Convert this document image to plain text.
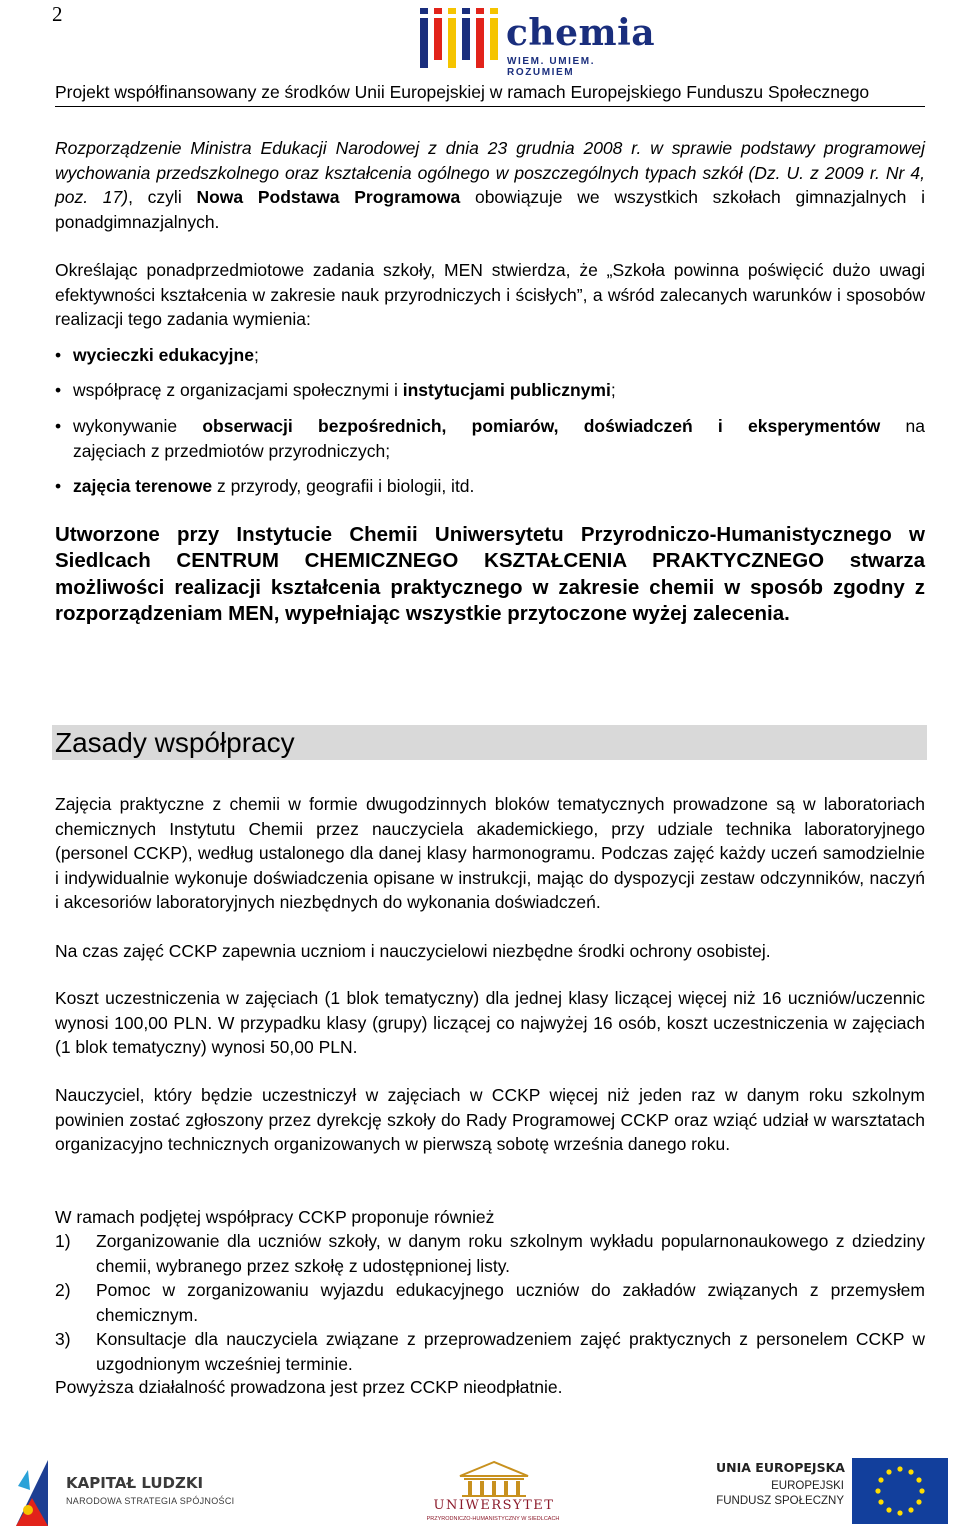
2	chemia
WIEM. UMIEM. ROZUMIEM
Projekt współfinansowany ze środków Unii Europejskiej w ramach Europejskiego Funduszu Społecznego
Rozporządzenie Ministra Edukacji Narodowej z dnia 23 grudnia 2008 r. w sprawie podstawy programowej wychowania przedszkolnego oraz kształcenia ogólnego w poszczególnych typach szkół (Dz. U. z 2009 r. Nr 4, poz. 17), czyli Nowa Podstawa Programowa obowiązuje we wszystkich szkołach gimnazjalnych i ponadgimnazjalnych.
Określając ponadprzedmiotowe zadania szkoły, MEN stwierdza, że „Szkoła powinna poświęcić dużo uwagi efektywności kształcenia w zakresie nauk przyrodniczych i ścisłych”, a wśród zalecanych warunków i sposobów realizacji tego zadania wymienia:
• wycieczki edukacyjne;
• współpracę z organizacjami społecznymi i instytucjami publicznymi;
• wykonywanie obserwacji bezpośrednich, pomiarów, doświadczeń i eksperymentów na
zajęciach z przedmiotów przyrodniczych;
• zajęcia terenowe z przyrody, geografii i biologii, itd.
Utworzone przy Instytucie Chemii Uniwersytetu Przyrodniczo-Humanistycznego w Siedlcach CENTRUM CHEMICZNEGO KSZTAŁCENIA PRAKTYCZNEGO stwarza możliwości realizacji kształcenia praktycznego w zakresie chemii w sposób zgodny z rozporządzeniam MEN, wypełniając wszystkie przytoczone wyżej zalecenia.
Zasady współpracy
Zajęcia praktyczne z chemii w formie dwugodzinnych bloków tematycznych prowadzone są w laboratoriach chemicznych Instytutu Chemii przez nauczyciela akademickiego, przy udziale technika laboratoryjnego (personel CCKP), według ustalonego dla danej klasy harmonogramu. Podczas zajęć każdy uczeń samodzielnie i indywidualnie wykonuje doświadczenia opisane w instrukcji, mając do dyspozycji zestaw odczynników, naczyń i akcesoriów laboratoryjnych niezbędnych do wykonania doświadczeń.
Na czas zajęć CCKP zapewnia uczniom i nauczycielowi niezbędne środki ochrony osobistej.
Koszt uczestniczenia w zajęciach (1 blok tematyczny) dla jednej klasy liczącej więcej niż 16 uczniów/uczennic wynosi 100,00 PLN. W przypadku klasy (grupy) liczącej co najwyżej 16 osób, koszt uczestniczenia w zajęciach (1 blok tematyczny) wynosi 50,00 PLN.
Nauczyciel, który będzie uczestniczył w zajęciach w CCKP więcej niż jeden raz w danym roku szkolnym powinien zostać zgłoszony przez dyrekcję szkoły do Rady Programowej CCKP oraz wziąć udział w warsztatach organizacyjno technicznych organizowanych w pierwszą sobotę września danego roku.
W ramach podjętej współpracy CCKP proponuje również
1)	Zorganizowanie dla uczniów szkoły, w danym roku szkolnym wykładu popularnonaukowego z dziedziny chemii, wybranego przez szkołę z udostępnionej listy.
2)	Pomoc w zorganizowaniu wyjazdu edukacyjnego uczniów do zakładów związanych z przemysłem chemicznym.
3)	Konsultacje dla nauczyciela związane z przeprowadzeniem zajęć praktycznych z personelem CCKP w uzgodnionym wcześniej terminie.
Powyższa działalność prowadzona jest przez CCKP nieodpłatnie.
KAPITAŁ LUDZKI
NARODOWA STRATEGIA SPÓJNOŚCI	UNIWERSYTET
PRZYRODNICZO-HUMANISTYCZNY W SIEDLCACH
UNIA EUROPEJSKA
EUROPEJSKI
FUNDUSZ SPOŁECZNY
